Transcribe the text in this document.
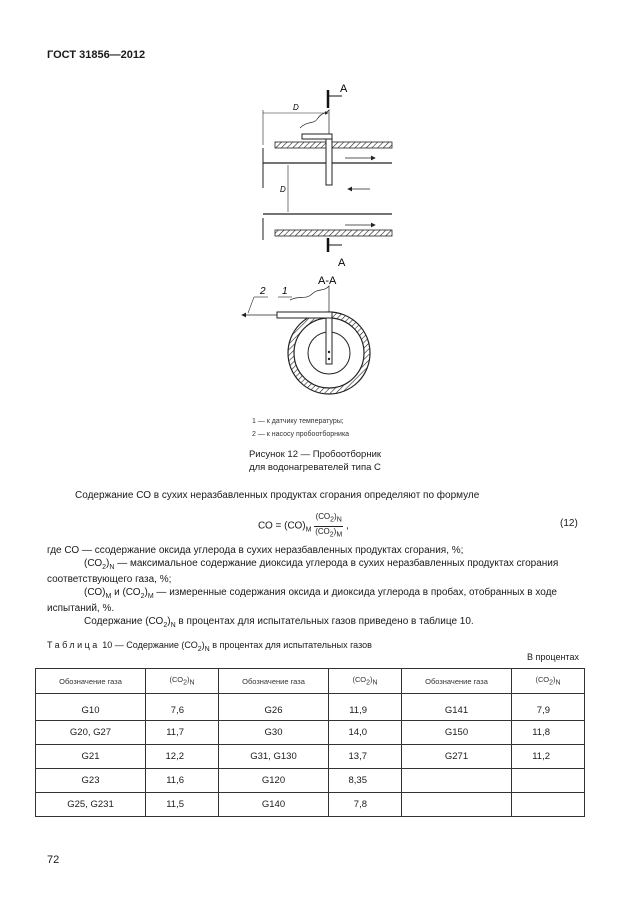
ГОСТ 31856—2012
А
А
D
D
А-А
2 1
1 — к датчику температуры;
2 — к насосу пробоотборника
Рисунок 12 — Пробоотборник
для водонагревателей типа С
Содержание СО в сухих неразбавленных продуктах сгорания определяют по формуле
СО = $(СО)_M \frac{(СО_2)_N}{(СО_2)_M}$ ,	(12)
где СО — ссодержание оксида углерода в сухих неразбавленных продуктах сгорания, %;
$(СО_2)_N$ — максимальное содержание диоксида углерода в сухих неразбавленных продуктах сгорания соответствующего газа, %;
$(СО)_M$ и $(СО_2)_M$ — измеренные содержания оксида и диоксида углерода в пробах, отобранных в ходе испытаний, %.
Содержание $(СО_2)_N$ в процентах для испытательных газов приведено в таблице 10.
Таблица 10 — Содержание $(СО_2)_N$ в процентах для испытательных газов
В процентах
Обозначение газа	$(СО_2)_N$	Обозначение газа	$(СО_2)_N$	Обозначение газа	$(СО_2)_N$
G10	7,6	G26	11,9	G141	7,9
G20, G27	11,7	G30	14,0	G150	11,8
G21	12,2	G31, G130	13,7	G271	11,2
G23	11,6	G120	8,35		
G25, G231	11,5	G140	7,8		
72
